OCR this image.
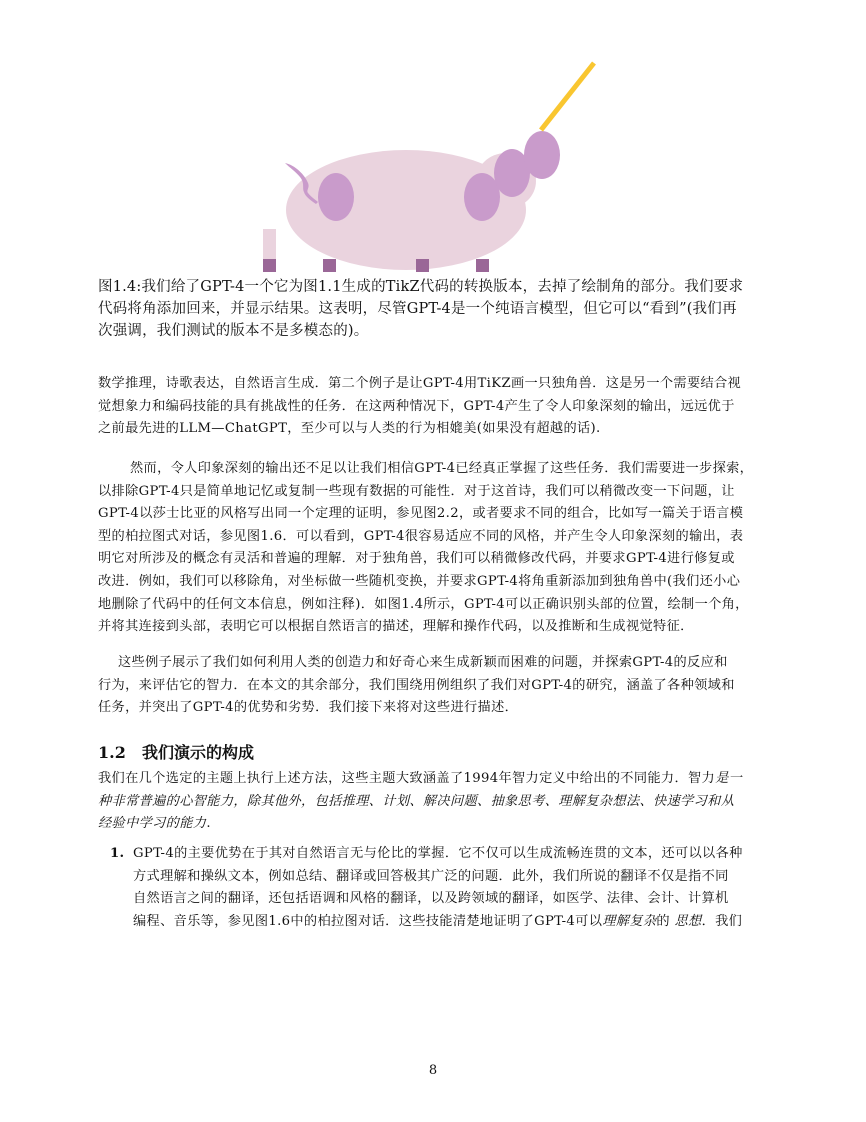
图1.4:我们给了GPT-4一个它为图1.1生成的TikZ代码的转换版本，去掉了绘制角的部分。我们要求
代码将角添加回来，并显示结果。这表明，尽管GPT-4是一个纯语言模型，但它可以“看到”(我们再
次强调，我们测试的版本不是多模态的)。
数学推理，诗歌表达，自然语言生成．第二个例子是让GPT-4用TiKZ画一只独角兽．这是另一个需要结合视
觉想象力和编码技能的具有挑战性的任务．在这两种情况下，GPT-4产生了令人印象深刻的输出，远远优于
之前最先进的LLM—ChatGPT，至少可以与人类的行为相媲美(如果没有超越的话).
然而，令人印象深刻的输出还不足以让我们相信GPT-4已经真正掌握了这些任务．我们需要进一步探索，
以排除GPT-4只是简单地记忆或复制一些现有数据的可能性．对于这首诗，我们可以稍微改变一下问题，让
GPT-4以莎士比亚的风格写出同一个定理的证明，参见图2.2，或者要求不同的组合，比如写一篇关于语言模
型的柏拉图式对话，参见图1.6．可以看到，GPT-4很容易适应不同的风格，并产生令人印象深刻的输出，表
明它对所涉及的概念有灵活和普遍的理解．对于独角兽，我们可以稍微修改代码，并要求GPT-4进行修复或
改进．例如，我们可以移除角，对坐标做一些随机变换，并要求GPT-4将角重新添加到独角兽中(我们还小心
地删除了代码中的任何文本信息，例如注释)．如图1.4所示，GPT-4可以正确识别头部的位置，绘制一个角，
并将其连接到头部，表明它可以根据自然语言的描述，理解和操作代码，以及推断和生成视觉特征．
这些例子展示了我们如何利用人类的创造力和好奇心来生成新颖而困难的问题，并探索GPT-4的反应和
行为，来评估它的智力．在本文的其余部分，我们围绕用例组织了我们对GPT-4的研究，涵盖了各种领域和
任务，并突出了GPT-4的优势和劣势．我们接下来将对这些进行描述．
1.2 我们演示的构成
我们在几个选定的主题上执行上述方法，这些主题大致涵盖了1994年智力定义中给出的不同能力．智力是一
种非常普遍的心智能力，除其他外，包括推理、计划、解决问题、抽象思考、理解复杂想法、快速学习和从
经验中学习的能力.
1. GPT-4的主要优势在于其对自然语言无与伦比的掌握．它不仅可以生成流畅连贯的文本，还可以以各种
方式理解和操纵文本，例如总结、翻译或回答极其广泛的问题．此外，我们所说的翻译不仅是指不同
自然语言之间的翻译，还包括语调和风格的翻译，以及跨领域的翻译，如医学、法律、会计、计算机
编程、音乐等，参见图1.6中的柏拉图对话．这些技能清楚地证明了GPT-4可以理解复杂的 思想．我们
8
